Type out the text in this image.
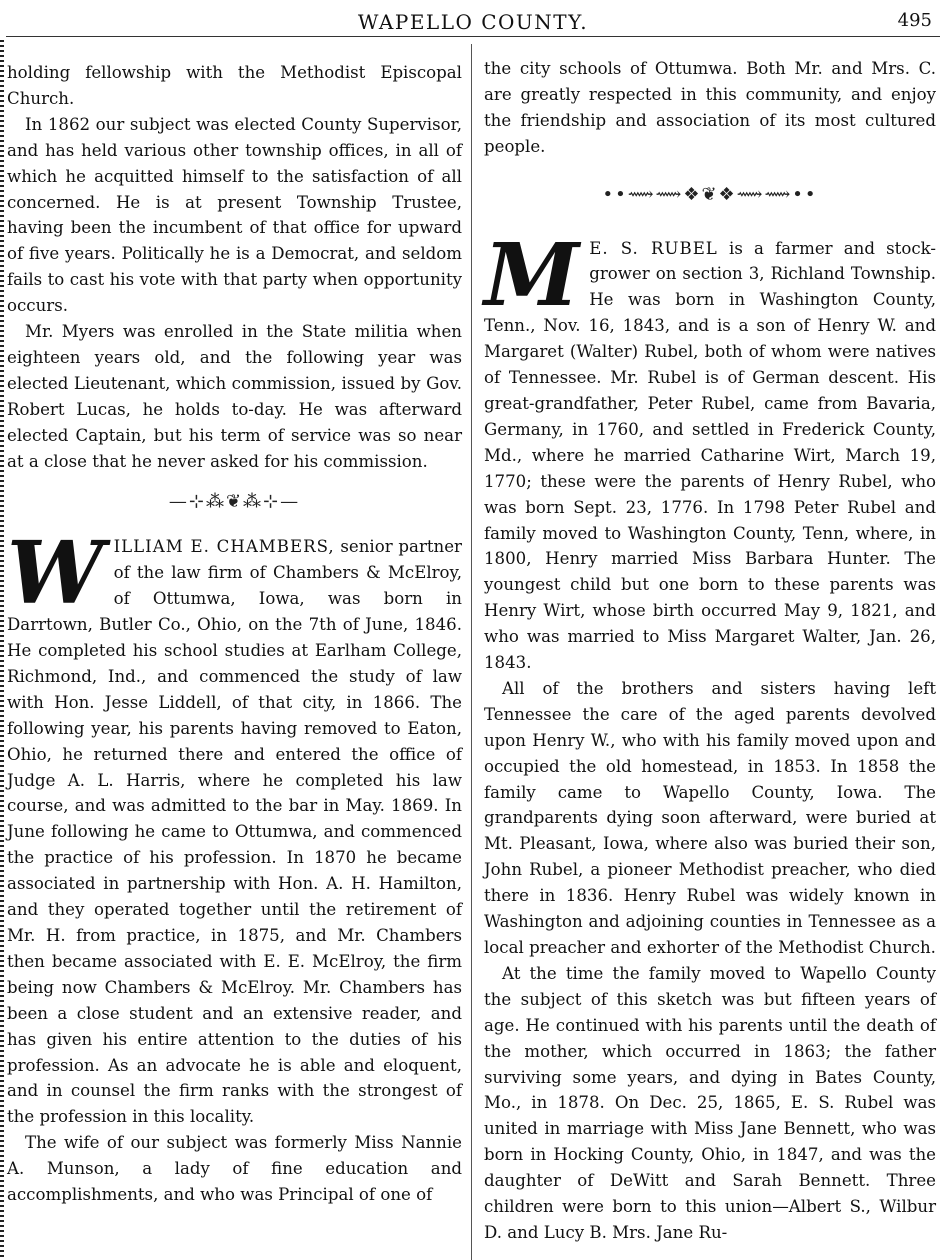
WAPELLO COUNTY.	495

holding fellowship with the Methodist Episcopal Church.

In 1862 our subject was elected County Supervisor, and has held various other township offices, in all of which he acquitted himself to the satisfaction of all concerned. He is at present Township Trustee, having been the incumbent of that office for upward of five years. Politically he is a Democrat, and seldom fails to cast his vote with that party when opportunity occurs.

Mr. Myers was enrolled in the State militia when eighteen years old, and the following year was elected Lieutenant, which commission, issued by Gov. Robert Lucas, he holds to-day. He was afterward elected Captain, but his term of service was so near at a close that he never asked for his commission.

—⊹⁂❦⁂⊹—

WILLIAM E. CHAMBERS, senior partner of the law firm of Chambers & McElroy, of Ottumwa, Iowa, was born in Darrtown, Butler Co., Ohio, on the 7th of June, 1846. He completed his school studies at Earlham College, Richmond, Ind., and commenced the study of law with Hon. Jesse Liddell, of that city, in 1866. The following year, his parents having removed to Eaton, Ohio, he returned there and entered the office of Judge A. L. Harris, where he completed his law course, and was admitted to the bar in May. 1869. In June following he came to Ottumwa, and commenced the practice of his profession. In 1870 he became associated in partnership with Hon. A. H. Hamilton, and they operated together until the retirement of Mr. H. from practice, in 1875, and Mr. Chambers then became associated with E. E. McElroy, the firm being now Chambers & McElroy. Mr. Chambers has been a close student and an extensive reader, and has given his entire attention to the duties of his profession. As an advocate he is able and eloquent, and in counsel the firm ranks with the strongest of the profession in this locality.

The wife of our subject was formerly Miss Nannie A. Munson, a lady of fine education and accomplishments, and who was Principal of one of

the city schools of Ottumwa. Both Mr. and Mrs. C. are greatly respected in this community, and enjoy the friendship and association of its most cultured people.

••⟿⟿❖❦❖⟿⟿••

M E. S. RUBEL is a farmer and stock-grower on section 3, Richland Township. He was born in Washington County, Tenn., Nov. 16, 1843, and is a son of Henry W. and Margaret (Walter) Rubel, both of whom were natives of Tennessee. Mr. Rubel is of German descent. His great-grandfather, Peter Rubel, came from Bavaria, Germany, in 1760, and settled in Frederick County, Md., where he married Catharine Wirt, March 19, 1770; these were the parents of Henry Rubel, who was born Sept. 23, 1776. In 1798 Peter Rubel and family moved to Washington County, Tenn, where, in 1800, Henry married Miss Barbara Hunter. The youngest child but one born to these parents was Henry Wirt, whose birth occurred May 9, 1821, and who was married to Miss Margaret Walter, Jan. 26, 1843.

All of the brothers and sisters having left Tennessee the care of the aged parents devolved upon Henry W., who with his family moved upon and occupied the old homestead, in 1853. In 1858 the family came to Wapello County, Iowa. The grandparents dying soon afterward, were buried at Mt. Pleasant, Iowa, where also was buried their son, John Rubel, a pioneer Methodist preacher, who died there in 1836. Henry Rubel was widely known in Washington and adjoining counties in Tennessee as a local preacher and exhorter of the Methodist Church.

At the time the family moved to Wapello County the subject of this sketch was but fifteen years of age. He continued with his parents until the death of the mother, which occurred in 1863; the father surviving some years, and dying in Bates County, Mo., in 1878. On Dec. 25, 1865, E. S. Rubel was united in marriage with Miss Jane Bennett, who was born in Hocking County, Ohio, in 1847, and was the daughter of DeWitt and Sarah Bennett. Three children were born to this union—Albert S., Wilbur D. and Lucy B. Mrs. Jane Ru-
